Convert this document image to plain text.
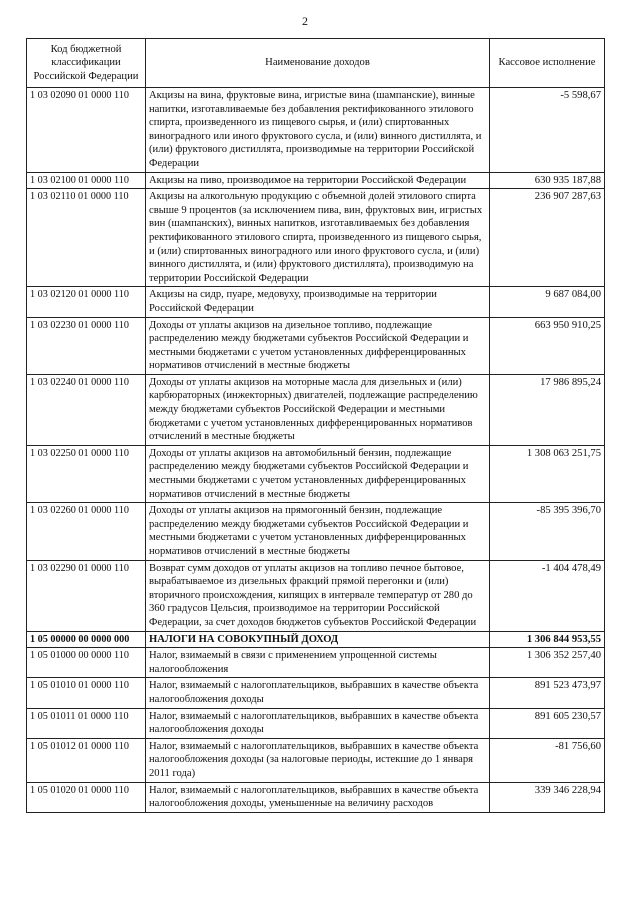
2
Код бюджетной классификации Российской Федерации	Наименование доходов	Кассовое исполнение
1 03 02090 01 0000 110	Акцизы на вина, фруктовые вина, игристые вина (шампанские), винные напитки, изготавливаемые без добавления ректификованного этилового спирта, произведенного из пищевого сырья, и (или) спиртованных виноградного или иного фруктового сусла, и (или) винного дистиллята, и (или) фруктового дистиллята, производимые на территории Российской Федерации	-5 598,67
1 03 02100 01 0000 110	Акцизы на пиво, производимое на территории Российской Федерации	630 935 187,88
1 03 02110 01 0000 110	Акцизы на алкогольную продукцию с объемной долей этилового спирта свыше 9 процентов (за исключением пива, вин, фруктовых вин, игристых вин (шампанских), винных напитков, изготавливаемых без добавления ректификованного этилового спирта, произведенного из пищевого сырья, и (или) спиртованных виноградного или иного фруктового сусла, и (или) винного дистиллята, и (или) фруктового дистиллята), производимую на территории Российской Федерации	236 907 287,63
1 03 02120 01 0000 110	Акцизы на сидр, пуаре, медовуху, производимые на территории Российской Федерации	9 687 084,00
1 03 02230 01 0000 110	Доходы от уплаты акцизов на дизельное топливо, подлежащие распределению между бюджетами субъектов Российской Федерации и местными бюджетами с учетом установленных дифференцированных нормативов отчислений в местные бюджеты	663 950 910,25
1 03 02240 01 0000 110	Доходы от уплаты акцизов на моторные масла для дизельных и (или) карбюраторных (инжекторных) двигателей, подлежащие распределению между бюджетами субъектов Российской Федерации и местными бюджетами с учетом установленных дифференцированных нормативов отчислений в местные бюджеты	17 986 895,24
1 03 02250 01 0000 110	Доходы от уплаты акцизов на автомобильный бензин, подлежащие распределению между бюджетами субъектов Российской Федерации и местными бюджетами с учетом установленных дифференцированных нормативов отчислений в местные бюджеты	1 308 063 251,75
1 03 02260 01 0000 110	Доходы от уплаты акцизов на прямогонный бензин, подлежащие распределению между бюджетами субъектов Российской Федерации и местными бюджетами с учетом установленных дифференцированных нормативов отчислений в местные бюджеты	-85 395 396,70
1 03 02290 01 0000 110	Возврат сумм доходов от уплаты акцизов на топливо печное бытовое, вырабатываемое из дизельных фракций прямой перегонки и (или) вторичного происхождения, кипящих в интервале температур от 280 до 360 градусов Цельсия, производимое на территории Российской Федерации, за счет доходов бюджетов субъектов Российской Федерации	-1 404 478,49
1 05 00000 00 0000 000	НАЛОГИ НА СОВОКУПНЫЙ ДОХОД	1 306 844 953,55
1 05 01000 00 0000 110	Налог, взимаемый в связи с применением упрощенной системы налогообложения	1 306 352 257,40
1 05 01010 01 0000 110	Налог, взимаемый с налогоплательщиков, выбравших в качестве объекта налогообложения доходы	891 523 473,97
1 05 01011 01 0000 110	Налог, взимаемый с налогоплательщиков, выбравших в качестве объекта налогообложения доходы	891 605 230,57
1 05 01012 01 0000 110	Налог, взимаемый с налогоплательщиков, выбравших в качестве объекта налогообложения доходы (за налоговые периоды, истекшие до 1 января 2011 года)	-81 756,60
1 05 01020 01 0000 110	Налог, взимаемый с налогоплательщиков, выбравших в качестве объекта налогообложения доходы, уменьшенные на величину расходов	339 346 228,94
